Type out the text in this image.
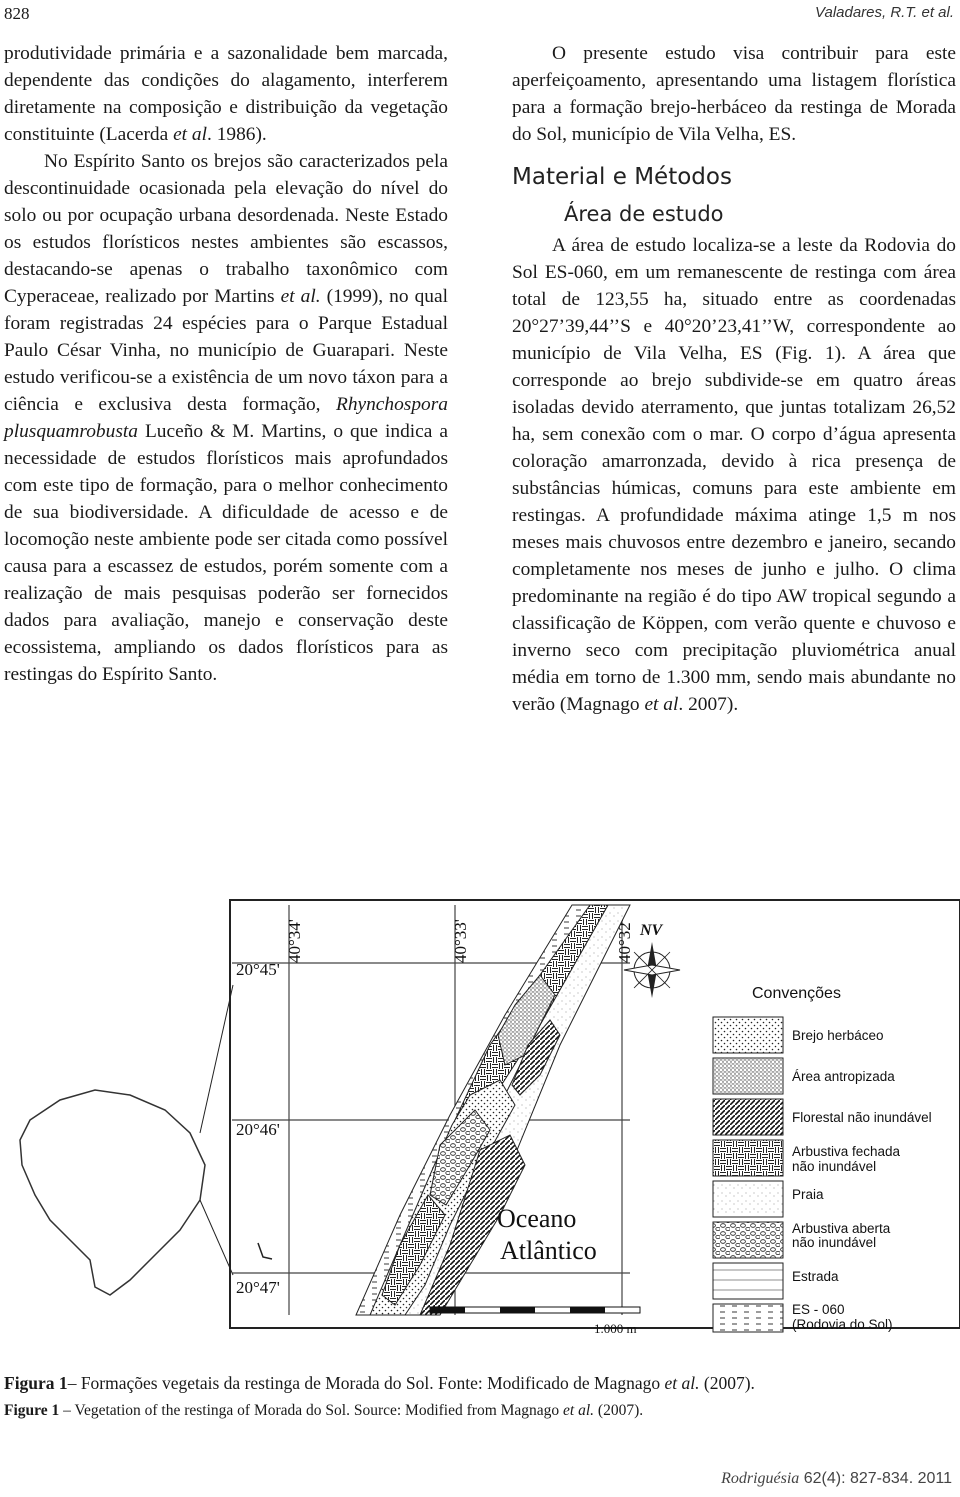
828	Valadares, R.T. et al.

produtividade primária e a sazonalidade bem marcada, dependente das condições do alagamento, interferem diretamente na composição e distribuição da vegetação constituinte (Lacerda et al. 1986).

No Espírito Santo os brejos são caracterizados pela descontinuidade ocasionada pela elevação do nível do solo ou por ocupação urbana desordenada. Neste Estado os estudos florísticos nestes ambientes são escassos, destacando-se apenas o trabalho taxonômico com Cyperaceae, realizado por Martins et al. (1999), no qual foram registradas 24 espécies para o Parque Estadual Paulo César Vinha, no município de Guarapari. Neste estudo verificou-se a existência de um novo táxon para a ciência e exclusiva desta formação, Rhynchospora plusquamrobusta Luceño & M. Martins, o que indica a necessidade de estudos florísticos mais aprofundados com este tipo de formação, para o melhor conhecimento de sua biodiversidade. A dificuldade de acesso e de locomoção neste ambiente pode ser citada como possível causa para a escassez de estudos, porém somente com a realização de mais pesquisas poderão ser fornecidos dados para avaliação, manejo e conservação deste ecossistema, ampliando os dados florísticos para as restingas do Espírito Santo.

O presente estudo visa contribuir para este aperfeiçoamento, apresentando uma listagem florística para a formação brejo-herbáceo da restinga de Morada do Sol, município de Vila Velha, ES.

Material e Métodos
Área de estudo

A área de estudo localiza-se a leste da Rodovia do Sol ES-060, em um remanescente de restinga com área total de 123,55 ha, situado entre as coordenadas 20°27’39,44’’S e 40°20’23,41’’W, correspondente ao município de Vila Velha, ES (Fig. 1). A área que corresponde ao brejo subdivide-se em quatro áreas isoladas devido aterramento, que juntas totalizam 26,52 ha, sem conexão com o mar. O corpo d’água apresenta coloração amarronzada, devido à rica presença de substâncias húmicas, comuns para este ambiente em restingas. A profundidade máxima atinge 1,5 m nos meses mais chuvosos entre dezembro e janeiro, secando completamente nos meses de junho e julho. O clima predominante na região é do tipo AW tropical segundo a classificação de Köppen, com verão quente e chuvoso e inverno seco com precipitação pluviométrica anual média em torno de 1.300 mm, sendo mais abundante no verão (Magnago et al. 2007).

40°34'	40°33'	40°32'
20°45'
20°46'
20°47'
NV
Oceano
Atlântico
1.000 m
Convenções
Brejo herbáceo
Área antropizada
Florestal não inundável
Arbustiva fechada
não inundável
Praia
Arbustiva aberta
não inundável
Estrada
ES - 060
(Rodovia do Sol)
Figura 1– Formações vegetais da restinga de Morada do Sol. Fonte: Modificado de Magnago et al. (2007).
Figure 1 – Vegetation of the restinga of Morada do Sol. Source: Modified from Magnago et al. (2007).
Rodriguésia 62(4): 827-834. 2011
